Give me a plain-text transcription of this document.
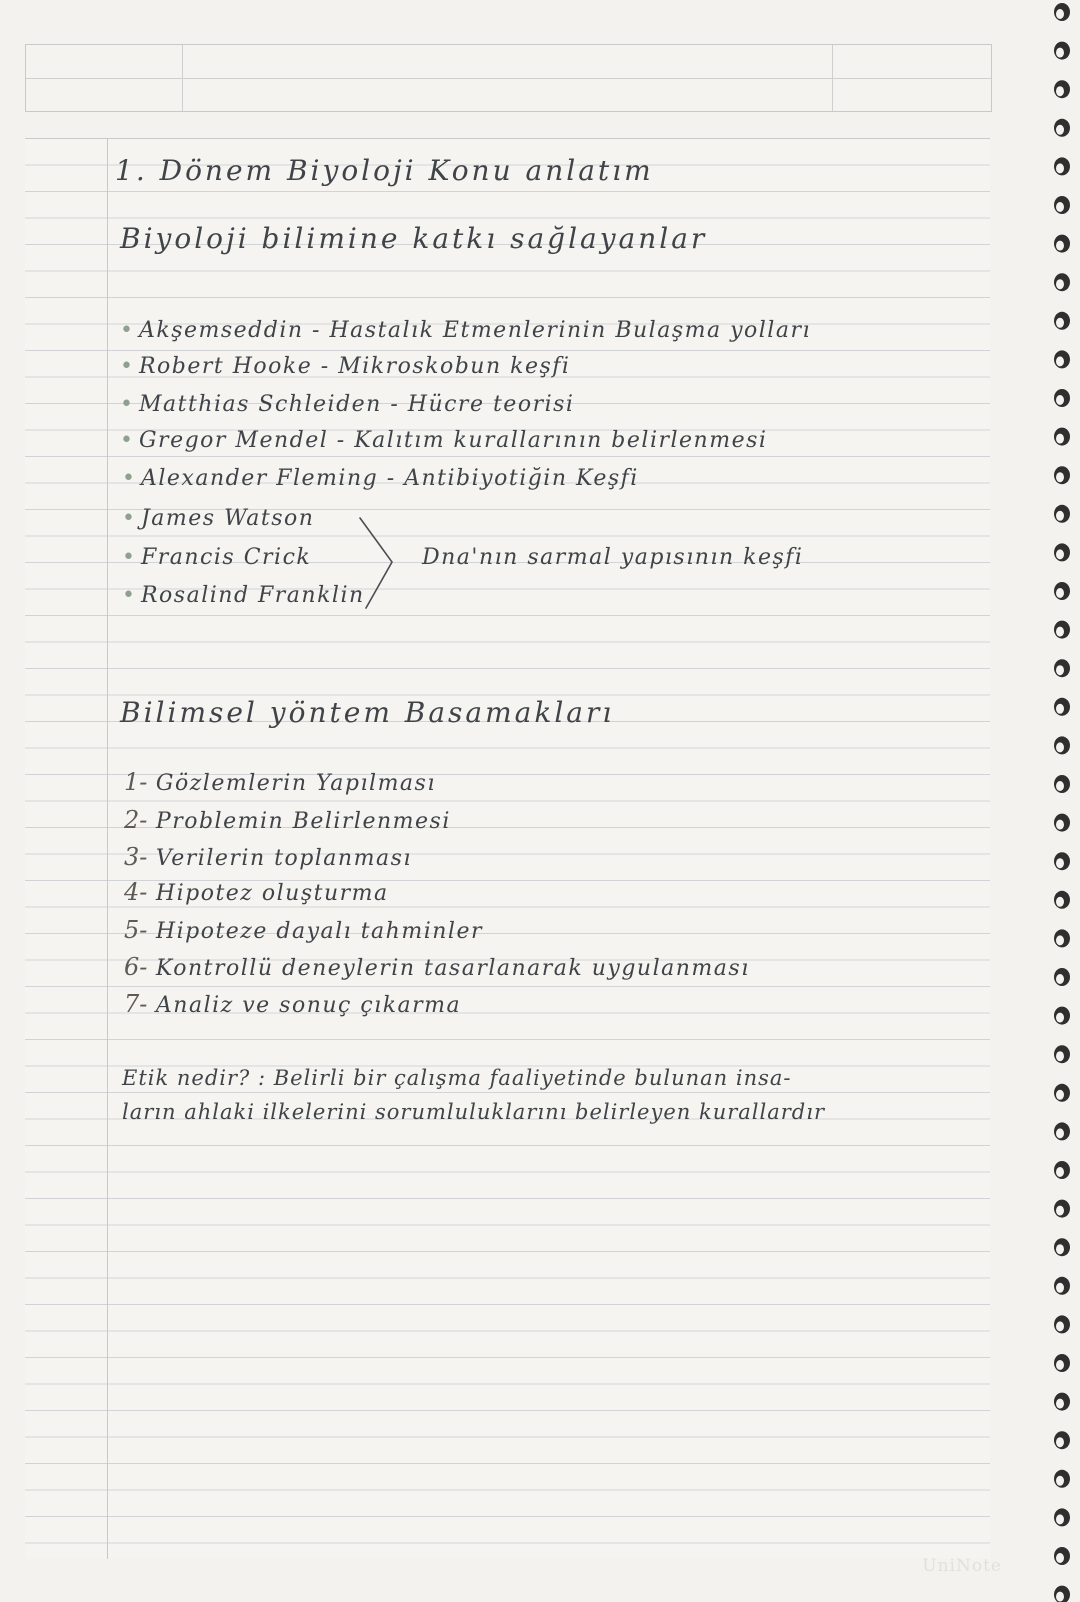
1. Dönem Biyoloji Konu anlatım
Biyoloji bilimine katkı sağlayanlar
• Akşemseddin - Hastalık Etmenlerinin Bulaşma yolları
• Robert Hooke - Mikroskobun keşfi
• Matthias Schleiden - Hücre teorisi
• Gregor Mendel - Kalıtım kurallarının belirlenmesi
• Alexander Fleming - Antibiyotiğin Keşfi
• James Watson
• Francis Crick
• Rosalind Franklin
Dna'nın sarmal yapısının keşfi
Bilimsel yöntem Basamakları
1- Gözlemlerin Yapılması
2- Problemin Belirlenmesi
3- Verilerin toplanması
4- Hipotez oluşturma
5- Hipoteze dayalı tahminler
6- Kontrollü deneylerin tasarlanarak uygulanması
7- Analiz ve sonuç çıkarma
Etik nedir? : Belirli bir çalışma faaliyetinde bulunan insa-
ların ahlaki ilkelerini sorumluluklarını belirleyen kurallardır
UniNote
